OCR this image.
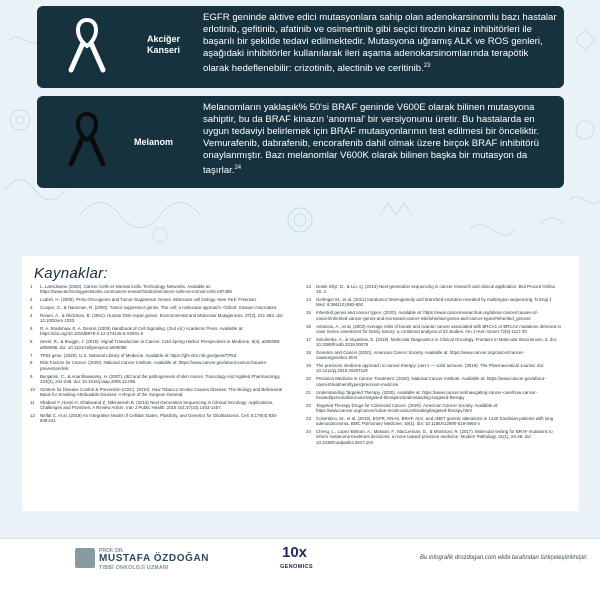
Akciğer Kanseri
EGFR geninde aktive edici mutasyonlara sahip olan adenokarsinomlu bazı hastalar erlotinib, gefitinib, afatinib ve osimertinib gibi seçici tirozin kinaz inhibitörleri ile başarılı bir şekilde tedavi edilmektedir. Mutasyona uğramış ALK ve ROS genleri, aşağıdaki inhibitörler kullanılarak ileri aşama adenokarsinomlarında terapötik olarak hedeflenebilir: crizotinib, alectinib ve ceritinib.$^{23}$
Melanom
Melanomların yaklaşık% 50'si BRAF geninde V600E olarak bilinen mutasyona sahiptir, bu da BRAF kinazın 'anormal' bir versiyonunu üretir. Bu hastalarda en uygun tedaviyi belirlemek için BRAF mutasyonlarının test edilmesi bir önceliktir. Vemurafenib, dabrafenib, encorafenib dahil olmak üzere birçok BRAF inhibitörü onaylanmıştır. Bazı melanomlar V600K olarak bilinen başka bir mutasyon da taşırlar.$^{24}$
Kaynaklar:
1	L. Lansdowne (2020). Cancer Cells vs Normal Cells. Technology Networks. Available at: https://www.technologynetworks.com/cancer-research/articles/cancer-cells-vs-normal-cells-297388
2	Lodish, H. (2000). Proto-Oncogenes and Tumor-Suppressor Genes. Molecular cell biology. New York: Freeman.
3	Cooper, G., & Hausman, R. (2000). Tumor suppressor genes. The cell; a molecular approach. Oxford: Sinauer Associates.
4	Ronen, A., & Glickman, B. (2001). Human DNA repair genes. Environmental and Molecular Mutagenesis, 37(3), 241-283. doi: 10.1002/em.1033
5	R. A. Bradshaw, E. A. Dennis (2009) Handbook of Cell Signaling. (2nd ed.) Academic Press. Available at: https://doi.org/10.1016/B978-0-12-374145-5.X0001-0
6	Sever, R., & Brugge, J. (2015). Signal Transduction in Cancer. Cold Spring Harbor Perspectives in Medicine, 5(4), a006098-a006098. doi: 10.1101/cshperspect.a006098
7	TP53 gene. (2020). U.S. National Library of Medicine. Available at: https://ghr.nlm.nih.gov/gene/TP53
8	Risk Factors for Cancer. (2020). National Cancer Institute. Available at: https://www.cancer.gov/about-cancer/causes-prevention/risk
9	Benjamin, C., & Ananthaswamy, H. (2007). p53 and the pathogenesis of skin cancer. Toxicology And Applied Pharmacology, 224(3), 241-248. doi: 10.1016/j.taap.2006.12.006
10	Centers for Disease Control & Prevention (CDC). (2010). How Tobacco Smoke Causes Disease: The Biology and Behavioral Basis for Smoking-Attributable Disease: A Report of the Surgeon General.
11	Shabani F, Hosni H, Ghalavand Z, Nikmanesh B. (2018) Next Generation Sequencing in Clinical Oncology: Applications, Challenges and Promises: A Review Article. Iran J Public Health. 2018 Oct;47(10):1453-1457.
12	Nelfat C, et al. (2019) An Integrative Model of Cellular States, Plasticity, and Genetics for Glioblastoma. Cell. 8;178(4):835-849.e21
13	Dotek Shyr, D., & Liu, Q. (2013) Next generation sequencing in cancer research and clinical application. Biol Proced Online. 15: 4.
14	Gerlinger M., et al. (2012) Intratumor heterogeneity and branched evolution revealed by multiregion sequencing. N Engl J Med. 8;366(10):883-892
15	Inherited genes and cancer types. (2020). Available at: https://www.cancerresearchuk.org/about-cancer/causes-of-cancer/inherited-cancer-genes-and-increased-cancer-risk/inherited-genes-and-cancer-types#inherited_genes0
16	Antoniou, A., et al. (2003) Average risks of breast and ovarian cancer associated with BRCA1 or BRCA2 mutations detected in case Series unselected for family history: a combined analysis of 22 studies. Am J Hum Genet 72(5):1117-30
17	Sokolenko, A., & Imyanitov, E. (2018). Molecular Diagnostics in Clinical Oncology. Frontiers in Molecular Biosciences, 5. doi: 10.3389/fmolb.2018.00076
18	Genetics and Cancer (2020). American Cancer Society. Available at: https://www.cancer.org/cancer/cancer-causes/genetics.html
19	The precision medicine approach to cancer therapy: part 1 — solid tumours. (2019). The Pharmaceutical Journal. doi: 10.1211/pj.2019.20207119
20	Precision Medicine in Cancer Treatment. (2020). National Cancer Institute. Available at: https://www.cancer.gov/about-cancer/treatment/types/precision-medicine
21	Understanding Targeted Therapy. (2020). Available at: https://www.cancer.net/navigating-cancer-care/how-cancer-treated/personalized-and-targeted-therapies/understanding-targeted-therapy
22	Targeted Therapy Drugs for Colorectal Cancer. (2020). American Cancer Society. Available at: https://www.cancer.org/cancer/colon-rectal-cancer/treating/targeted-therapy.html
23	Colombino, M., et al. (2019). EGFR, KRAS, BRAF, ALK, and cMET genetic alterations in 1440 Sardinian patients with lung adenocarcinoma. BMC Pulmonary Medicine, 19(1). doi: 10.1186/s12890-019-0964-x
24	Cheng, L., Lopez-Beltran, A., Massari, F., MacLennan, G., & Montironi, R. (2017). Molecular testing for BRAF mutations to inform melanoma treatment decisions: a move toward precision medicine. Modern Pathology, 31(1), 24-38. doi: 10.1038/modpathol.2017.104
PROF. DR.
MUSTAFA ÖZDOĞAN
TIBBİ ONKOLOJİ UZMANI
10x
GENOMICS
Bu infografik drozdogan.com ekibi tarafından türkçeleştirilmiştir.
